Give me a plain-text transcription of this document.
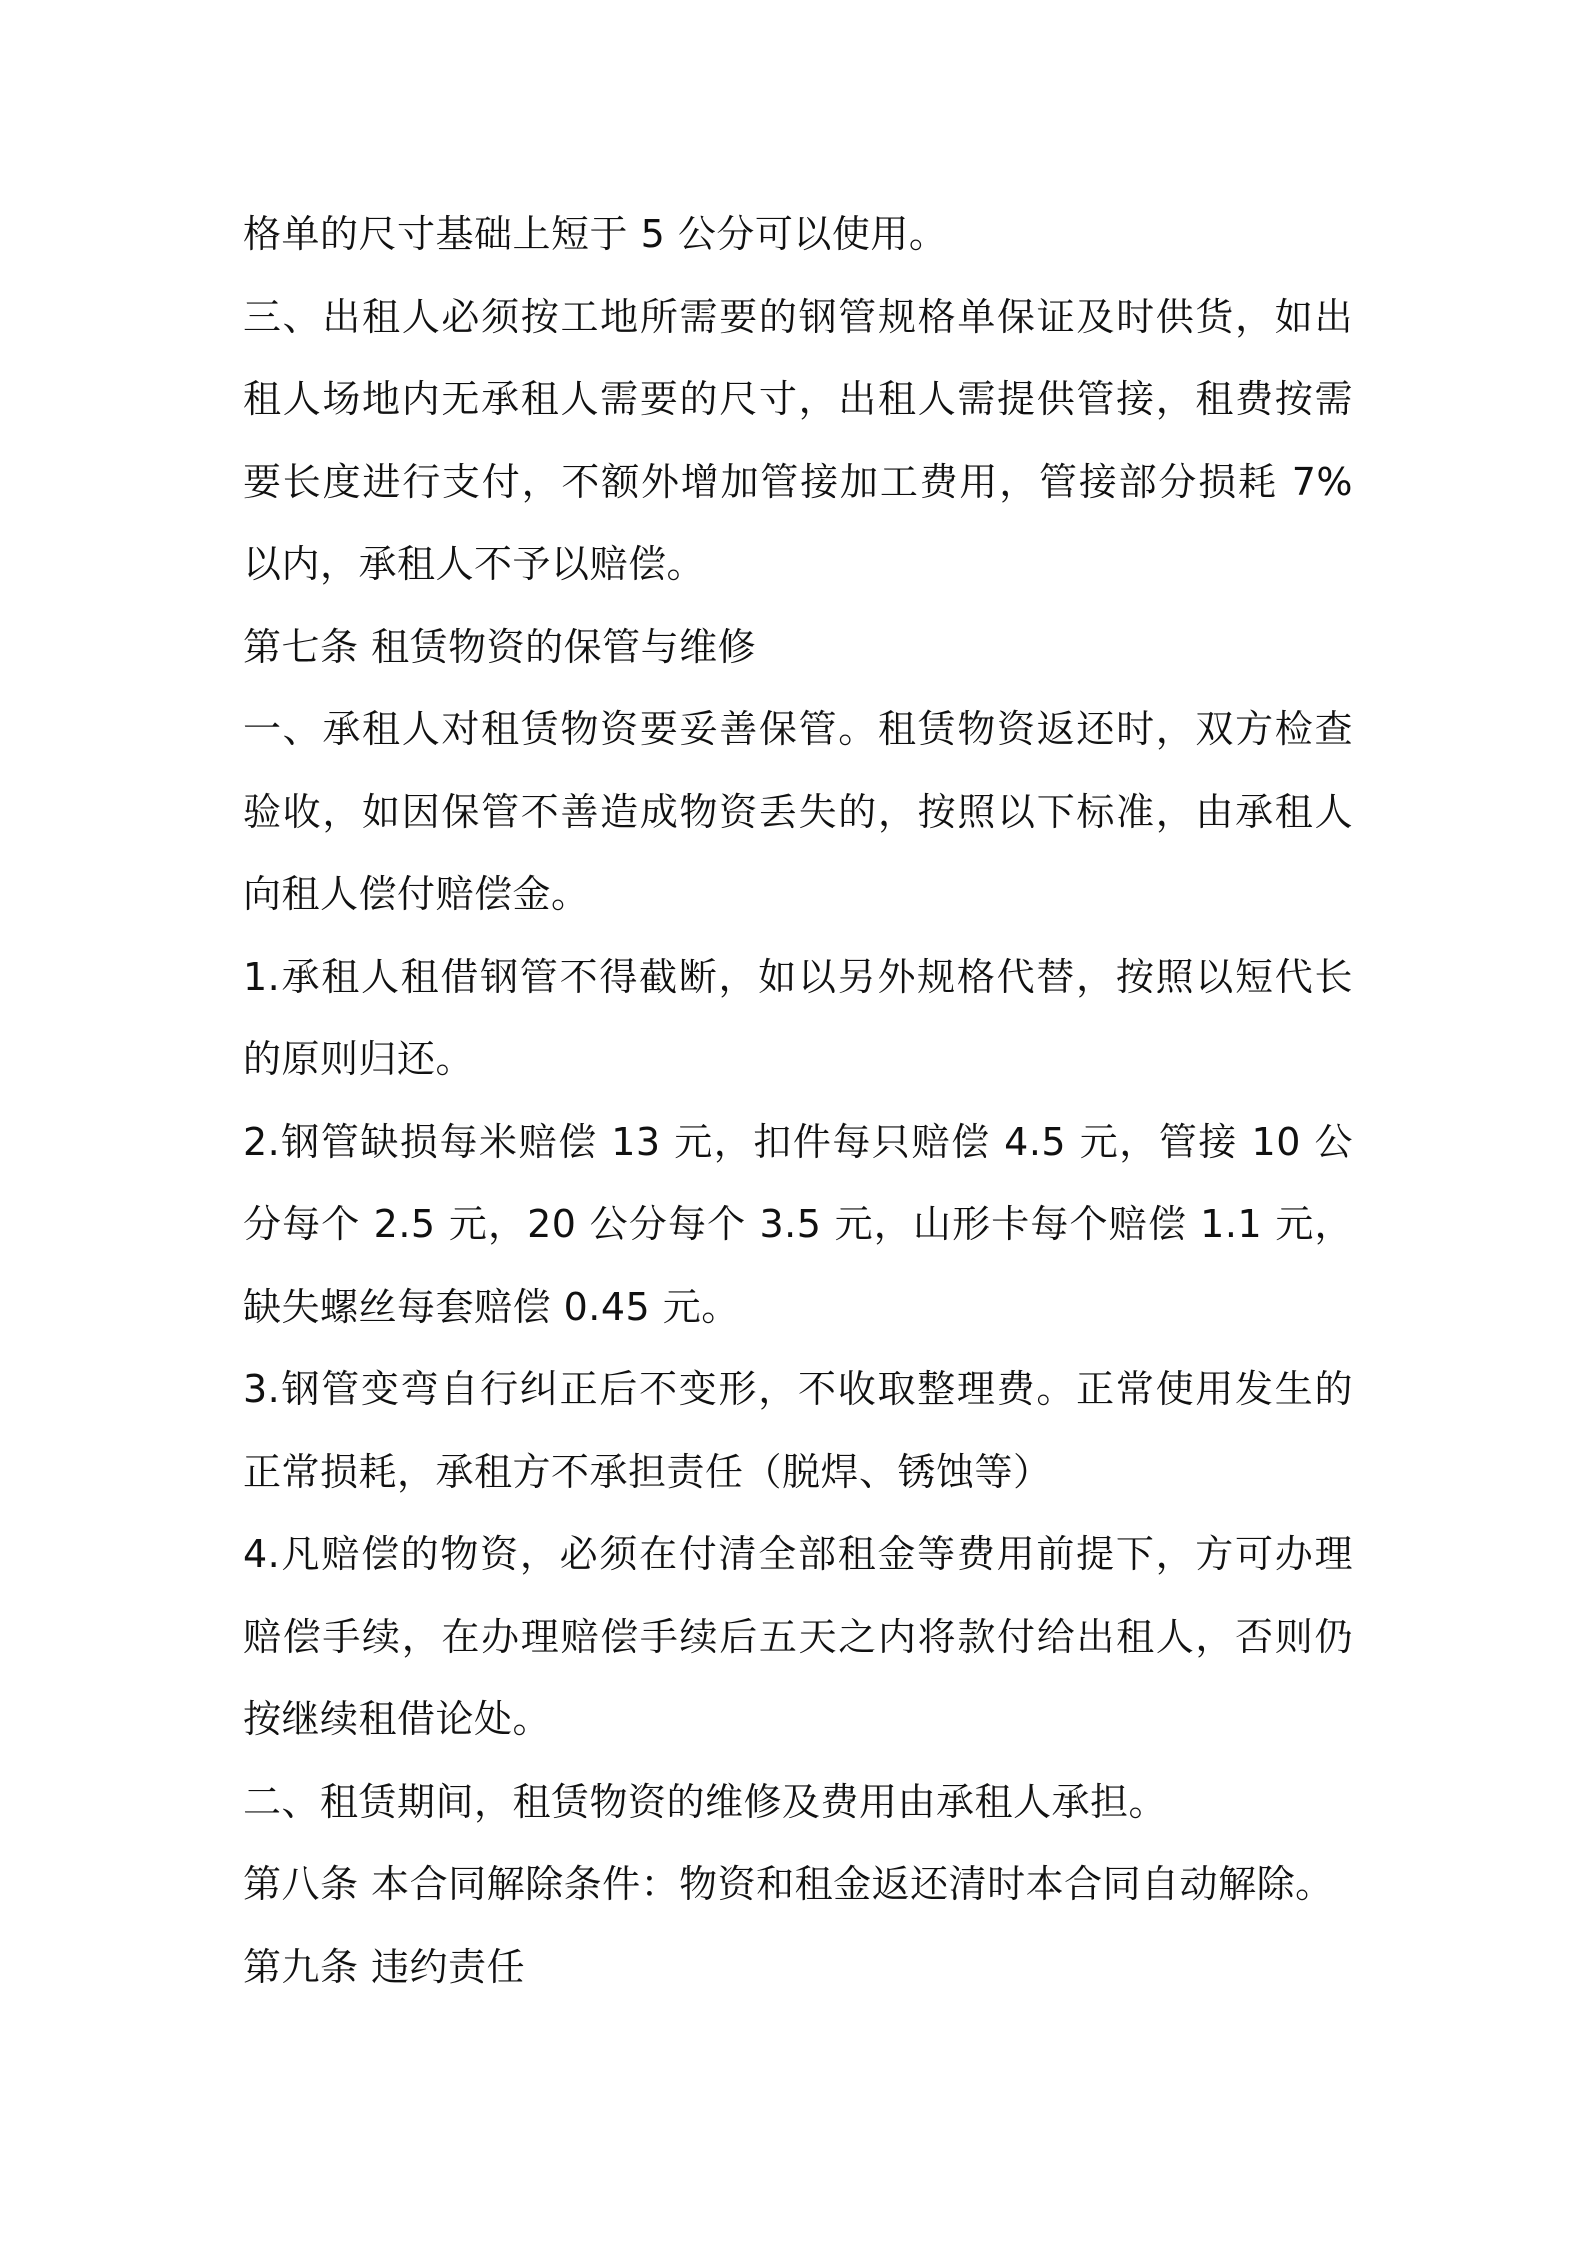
格单的尺寸基础上短于 5 公分可以使用。

三、出租人必须按工地所需要的钢管规格单保证及时供货，如出租人场地内无承租人需要的尺寸，出租人需提供管接，租费按需要长度进行支付，不额外增加管接加工费用，管接部分损耗 7%以内，承租人不予以赔偿。

第七条 租赁物资的保管与维修

一、承租人对租赁物资要妥善保管。租赁物资返还时，双方检查验收，如因保管不善造成物资丢失的，按照以下标准，由承租人向租人偿付赔偿金。

1.承租人租借钢管不得截断，如以另外规格代替，按照以短代长的原则归还。

2.钢管缺损每米赔偿 13 元，扣件每只赔偿 4.5 元，管接 10 公分每个 2.5 元，20 公分每个 3.5 元，山形卡每个赔偿 1.1 元，缺失螺丝每套赔偿 0.45 元。

3.钢管变弯自行纠正后不变形，不收取整理费。正常使用发生的正常损耗，承租方不承担责任（脱焊、锈蚀等）

4.凡赔偿的物资，必须在付清全部租金等费用前提下，方可办理赔偿手续，在办理赔偿手续后五天之内将款付给出租人，否则仍按继续租借论处。

二、租赁期间，租赁物资的维修及费用由承租人承担。

第八条 本合同解除条件：物资和租金返还清时本合同自动解除。

第九条 违约责任
